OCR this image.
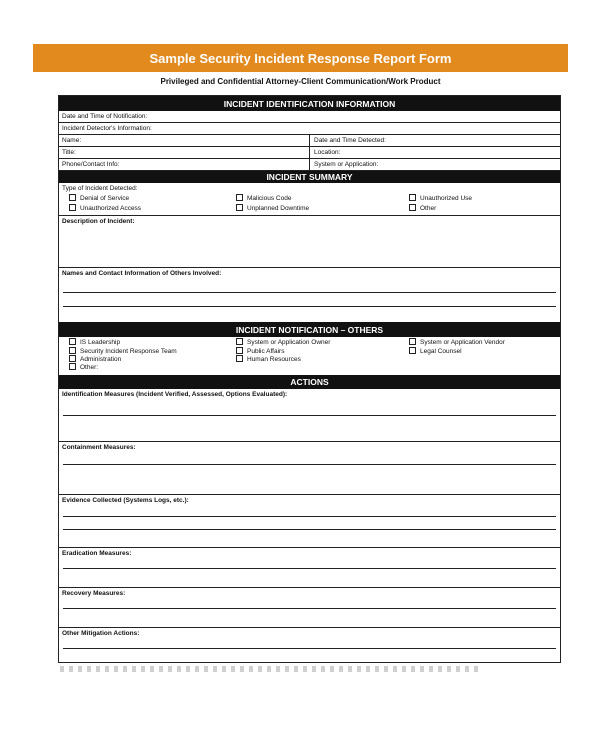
Sample Security Incident Response Report Form
Privileged and Confidential Attorney-Client Communication/Work Product
INCIDENT IDENTIFICATION INFORMATION
Date and Time of Notification:
Incident Detector's Information:
Name:	Date and Time Detected:
Title:	Location:
Phone/Contact Info:	System or Application:
INCIDENT SUMMARY
Type of Incident Detected:
Denial of Service	Malicious Code	Unauthorized Use
Unauthorized Access	Unplanned Downtime	Other
Description of Incident:
Names and Contact Information of Others Involved:
INCIDENT NOTIFICATION – OTHERS
IS Leadership	System or Application Owner	System or Application Vendor
Security Incident Response Team	Public Affairs	Legal Counsel
Administration	Human Resources
Other:
ACTIONS
Identification Measures (Incident Verified, Assessed, Options Evaluated):
Containment Measures:
Evidence Collected (Systems Logs, etc.):
Eradication Measures:
Recovery Measures:
Other Mitigation Actions:
